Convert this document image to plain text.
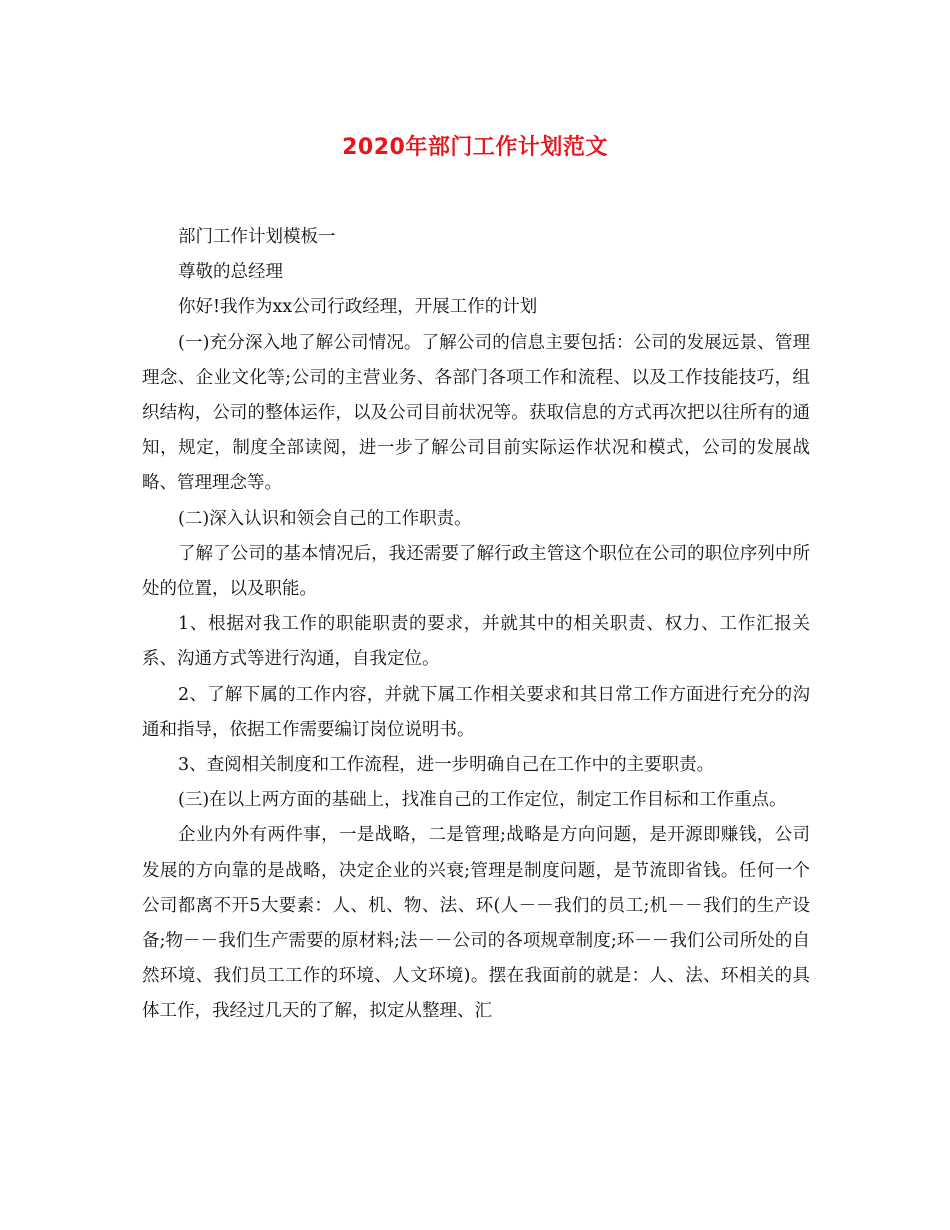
2020年部门工作计划范文

部门工作计划模板一

尊敬的总经理

你好!我作为xx公司行政经理，开展工作的计划

(一)充分深入地了解公司情况。了解公司的信息主要包括：公司的发展远景、管理理念、企业文化等;公司的主营业务、各部门各项工作和流程、以及工作技能技巧，组织结构，公司的整体运作，以及公司目前状况等。获取信息的方式再次把以往所有的通知，规定，制度全部读阅，进一步了解公司目前实际运作状况和模式，公司的发展战略、管理理念等。

(二)深入认识和领会自己的工作职责。

了解了公司的基本情况后，我还需要了解行政主管这个职位在公司的职位序列中所处的位置，以及职能。

1、根据对我工作的职能职责的要求，并就其中的相关职责、权力、工作汇报关系、沟通方式等进行沟通，自我定位。

2、了解下属的工作内容，并就下属工作相关要求和其日常工作方面进行充分的沟通和指导，依据工作需要编订岗位说明书。

3、查阅相关制度和工作流程，进一步明确自己在工作中的主要职责。

(三)在以上两方面的基础上，找准自己的工作定位，制定工作目标和工作重点。

企业内外有两件事，一是战略，二是管理;战略是方向问题，是开源即赚钱，公司发展的方向靠的是战略，决定企业的兴衰;管理是制度问题，是节流即省钱。任何一个公司都离不开5大要素：人、机、物、法、环(人－－我们的员工;机－－我们的生产设备;物－－我们生产需要的原材料;法－－公司的各项规章制度;环－－我们公司所处的自然环境、我们员工工作的环境、人文环境)。摆在我面前的就是：人、法、环相关的具体工作，我经过几天的了解，拟定从整理、汇
